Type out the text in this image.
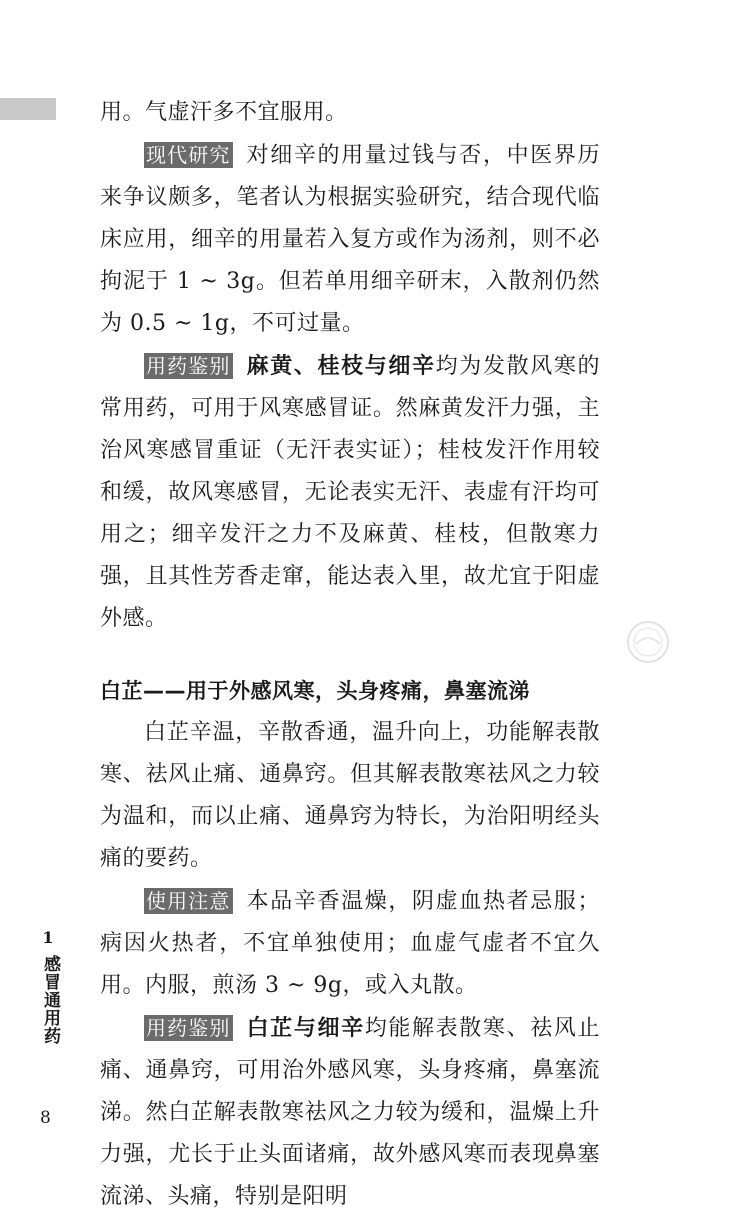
1
感冒通用药
8

用。气虚汗多不宜服用。

现代研究 对细辛的用量过钱与否，中医界历来争议颇多，笔者认为根据实验研究，结合现代临床应用，细辛的用量若入复方或作为汤剂，则不必拘泥于 1 ~ 3g。但若单用细辛研末，入散剂仍然为 0.5 ~ 1g，不可过量。

用药鉴别 麻黄、桂枝与细辛均为发散风寒的常用药，可用于风寒感冒证。然麻黄发汗力强，主治风寒感冒重证（无汗表实证）；桂枝发汗作用较和缓，故风寒感冒，无论表实无汗、表虚有汗均可用之；细辛发汗之力不及麻黄、桂枝，但散寒力强，且其性芳香走窜，能达表入里，故尤宜于阳虚外感。

白芷——用于外感风寒，头身疼痛，鼻塞流涕

白芷辛温，辛散香通，温升向上，功能解表散寒、祛风止痛、通鼻窍。但其解表散寒祛风之力较为温和，而以止痛、通鼻窍为特长，为治阳明经头痛的要药。

使用注意 本品辛香温燥，阴虚血热者忌服；病因火热者，不宜单独使用；血虚气虚者不宜久用。内服，煎汤 3 ~ 9g，或入丸散。

用药鉴别 白芷与细辛均能解表散寒、祛风止痛、通鼻窍，可用治外感风寒，头身疼痛，鼻塞流涕。然白芷解表散寒祛风之力较为缓和，温燥上升力强，尤长于止头面诸痛，故外感风寒而表现鼻塞流涕、头痛，特别是阳明
